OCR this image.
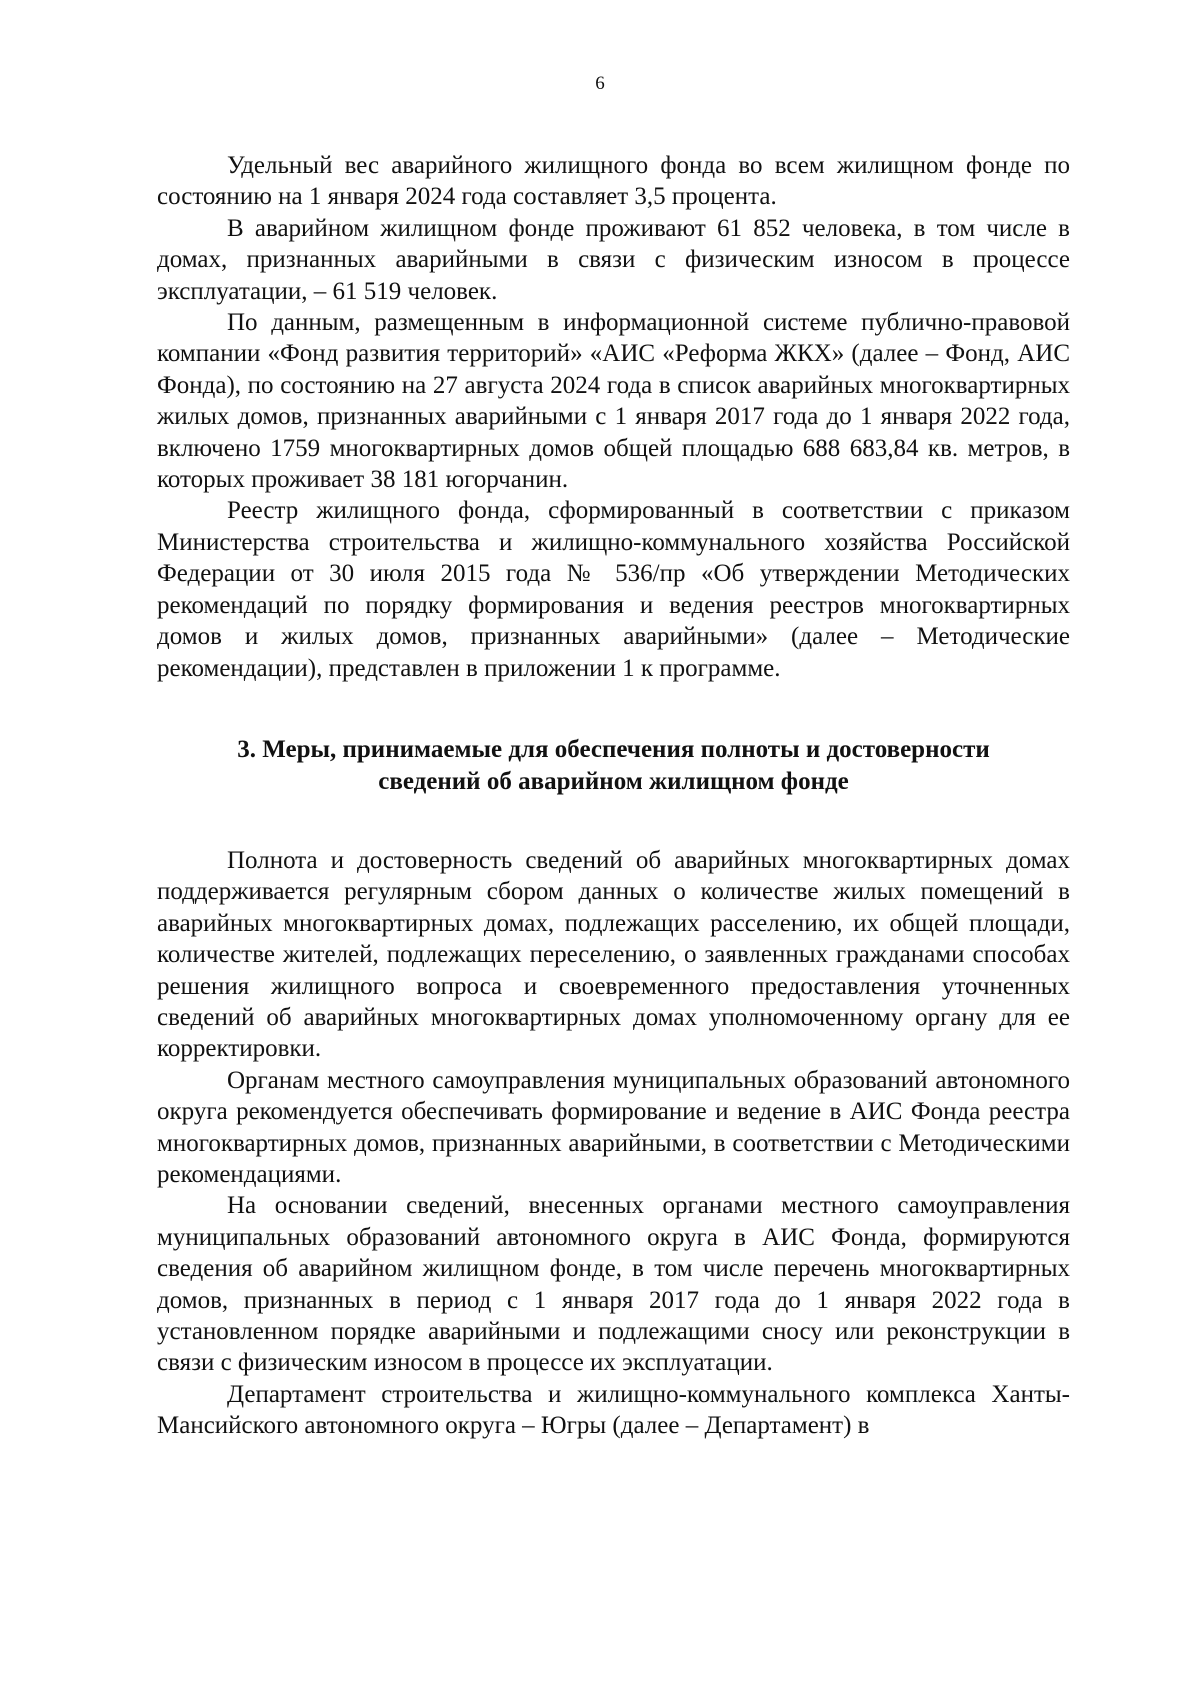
6

Удельный вес аварийного жилищного фонда во всем жилищном фонде по состоянию на 1 января 2024 года составляет 3,5 процента.

В аварийном жилищном фонде проживают 61 852 человека, в том числе в домах, признанных аварийными в связи с физическим износом в процессе эксплуатации, – 61 519 человек.

По данным, размещенным в информационной системе публично-правовой компании «Фонд развития территорий» «АИС «Реформа ЖКХ» (далее – Фонд, АИС Фонда), по состоянию на 27 августа 2024 года в список аварийных многоквартирных жилых домов, признанных аварийными с 1 января 2017 года до 1 января 2022 года, включено 1759 многоквартирных домов общей площадью 688 683,84 кв. метров, в которых проживает 38 181 югорчанин.

Реестр жилищного фонда, сформированный в соответствии с приказом Министерства строительства и жилищно-коммунального хозяйства Российской Федерации от 30 июля 2015 года № 536/пр «Об утверждении Методических рекомендаций по порядку формирования и ведения реестров многоквартирных домов и жилых домов, признанных аварийными» (далее – Методические рекомендации), представлен в приложении 1 к программе.

3. Меры, принимаемые для обеспечения полноты и достоверности
сведений об аварийном жилищном фонде

Полнота и достоверность сведений об аварийных многоквартирных домах поддерживается регулярным сбором данных о количестве жилых помещений в аварийных многоквартирных домах, подлежащих расселению, их общей площади, количестве жителей, подлежащих переселению, о заявленных гражданами способах решения жилищного вопроса и своевременного предоставления уточненных сведений об аварийных многоквартирных домах уполномоченному органу для ее корректировки.

Органам местного самоуправления муниципальных образований автономного округа рекомендуется обеспечивать формирование и ведение в АИС Фонда реестра многоквартирных домов, признанных аварийными, в соответствии с Методическими рекомендациями.

На основании сведений, внесенных органами местного самоуправления муниципальных образований автономного округа в АИС Фонда, формируются сведения об аварийном жилищном фонде, в том числе перечень многоквартирных домов, признанных в период с 1 января 2017 года до 1 января 2022 года в установленном порядке аварийными и подлежащими сносу или реконструкции в связи с физическим износом в процессе их эксплуатации.

Департамент строительства и жилищно-коммунального комплекса Ханты-Мансийского автономного округа – Югры (далее – Департамент) в
